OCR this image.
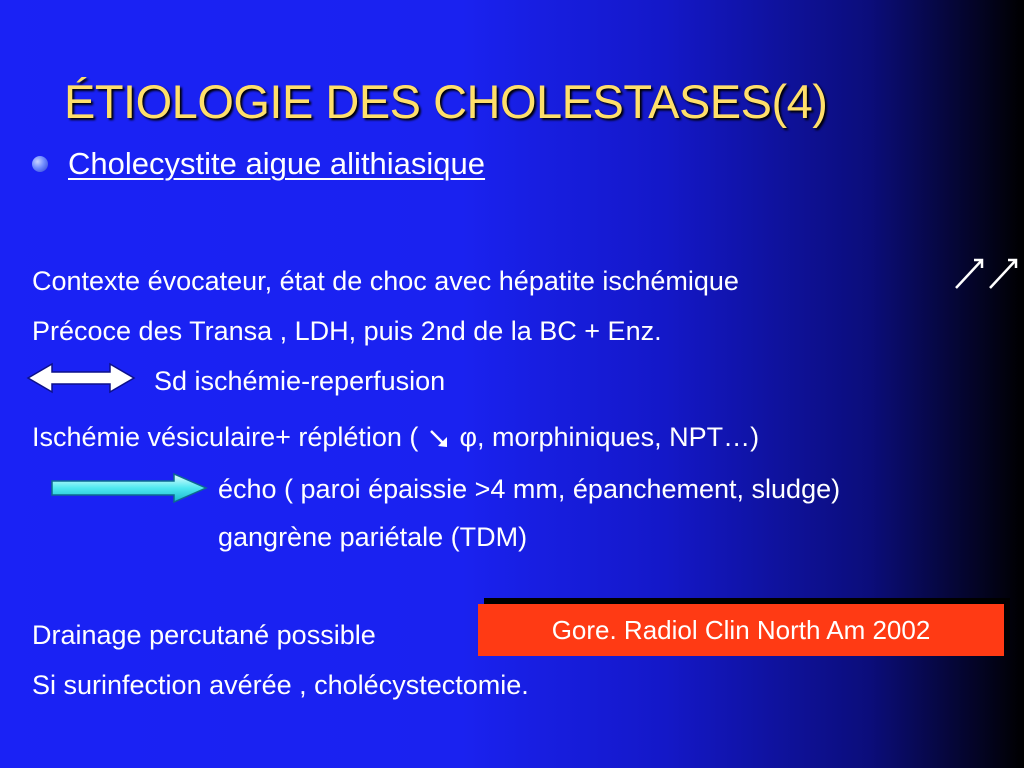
ÉTIOLOGIE DES CHOLESTASES(4)
Cholecystite aigue alithiasique
Contexte évocateur, état de choc avec hépatite ischémique
Précoce des Transa , LDH, puis 2nd de la BC + Enz.
Sd ischémie-reperfusion
Ischémie vésiculaire+ réplétion ( φ, morphiniques, NPT…)
écho ( paroi épaissie >4 mm, épanchement, sludge)
gangrène pariétale (TDM)
Drainage percutané possible	Gore. Radiol Clin North Am 2002
Si surinfection avérée , cholécystectomie.
